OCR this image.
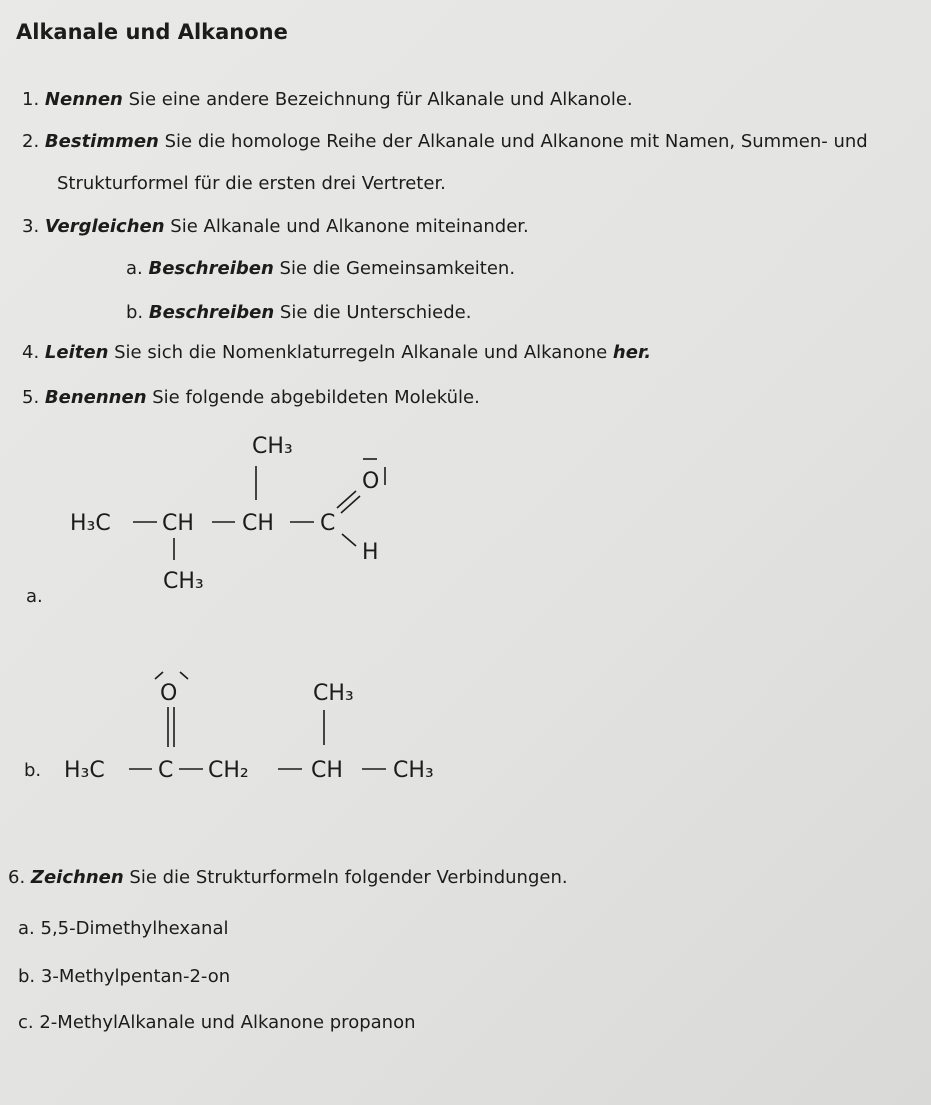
Alkanale und Alkanone
1. Nennen Sie eine andere Bezeichnung für Alkanale und Alkanole.
2. Bestimmen Sie die homologe Reihe der Alkanale und Alkanone mit Namen, Summen- und
Strukturformel für die ersten drei Vertreter.
3. Vergleichen Sie Alkanale und Alkanone miteinander.
a. Beschreiben Sie die Gemeinsamkeiten.
b. Beschreiben Sie die Unterschiede.
4. Leiten Sie sich die Nomenklaturregeln Alkanale und Alkanone her.
5. Benennen Sie folgende abgebildeten Moleküle.
a.
H₃C CH CH C
CH₃
CH₃
O
H
b. H₃C C CH₂	CH CH₃
O	CH₃
6. Zeichnen Sie die Strukturformeln folgender Verbindungen.
a. 5,5-Dimethylhexanal
b. 3-Methylpentan-2-on
c. 2-MethylAlkanale und Alkanone propanon
